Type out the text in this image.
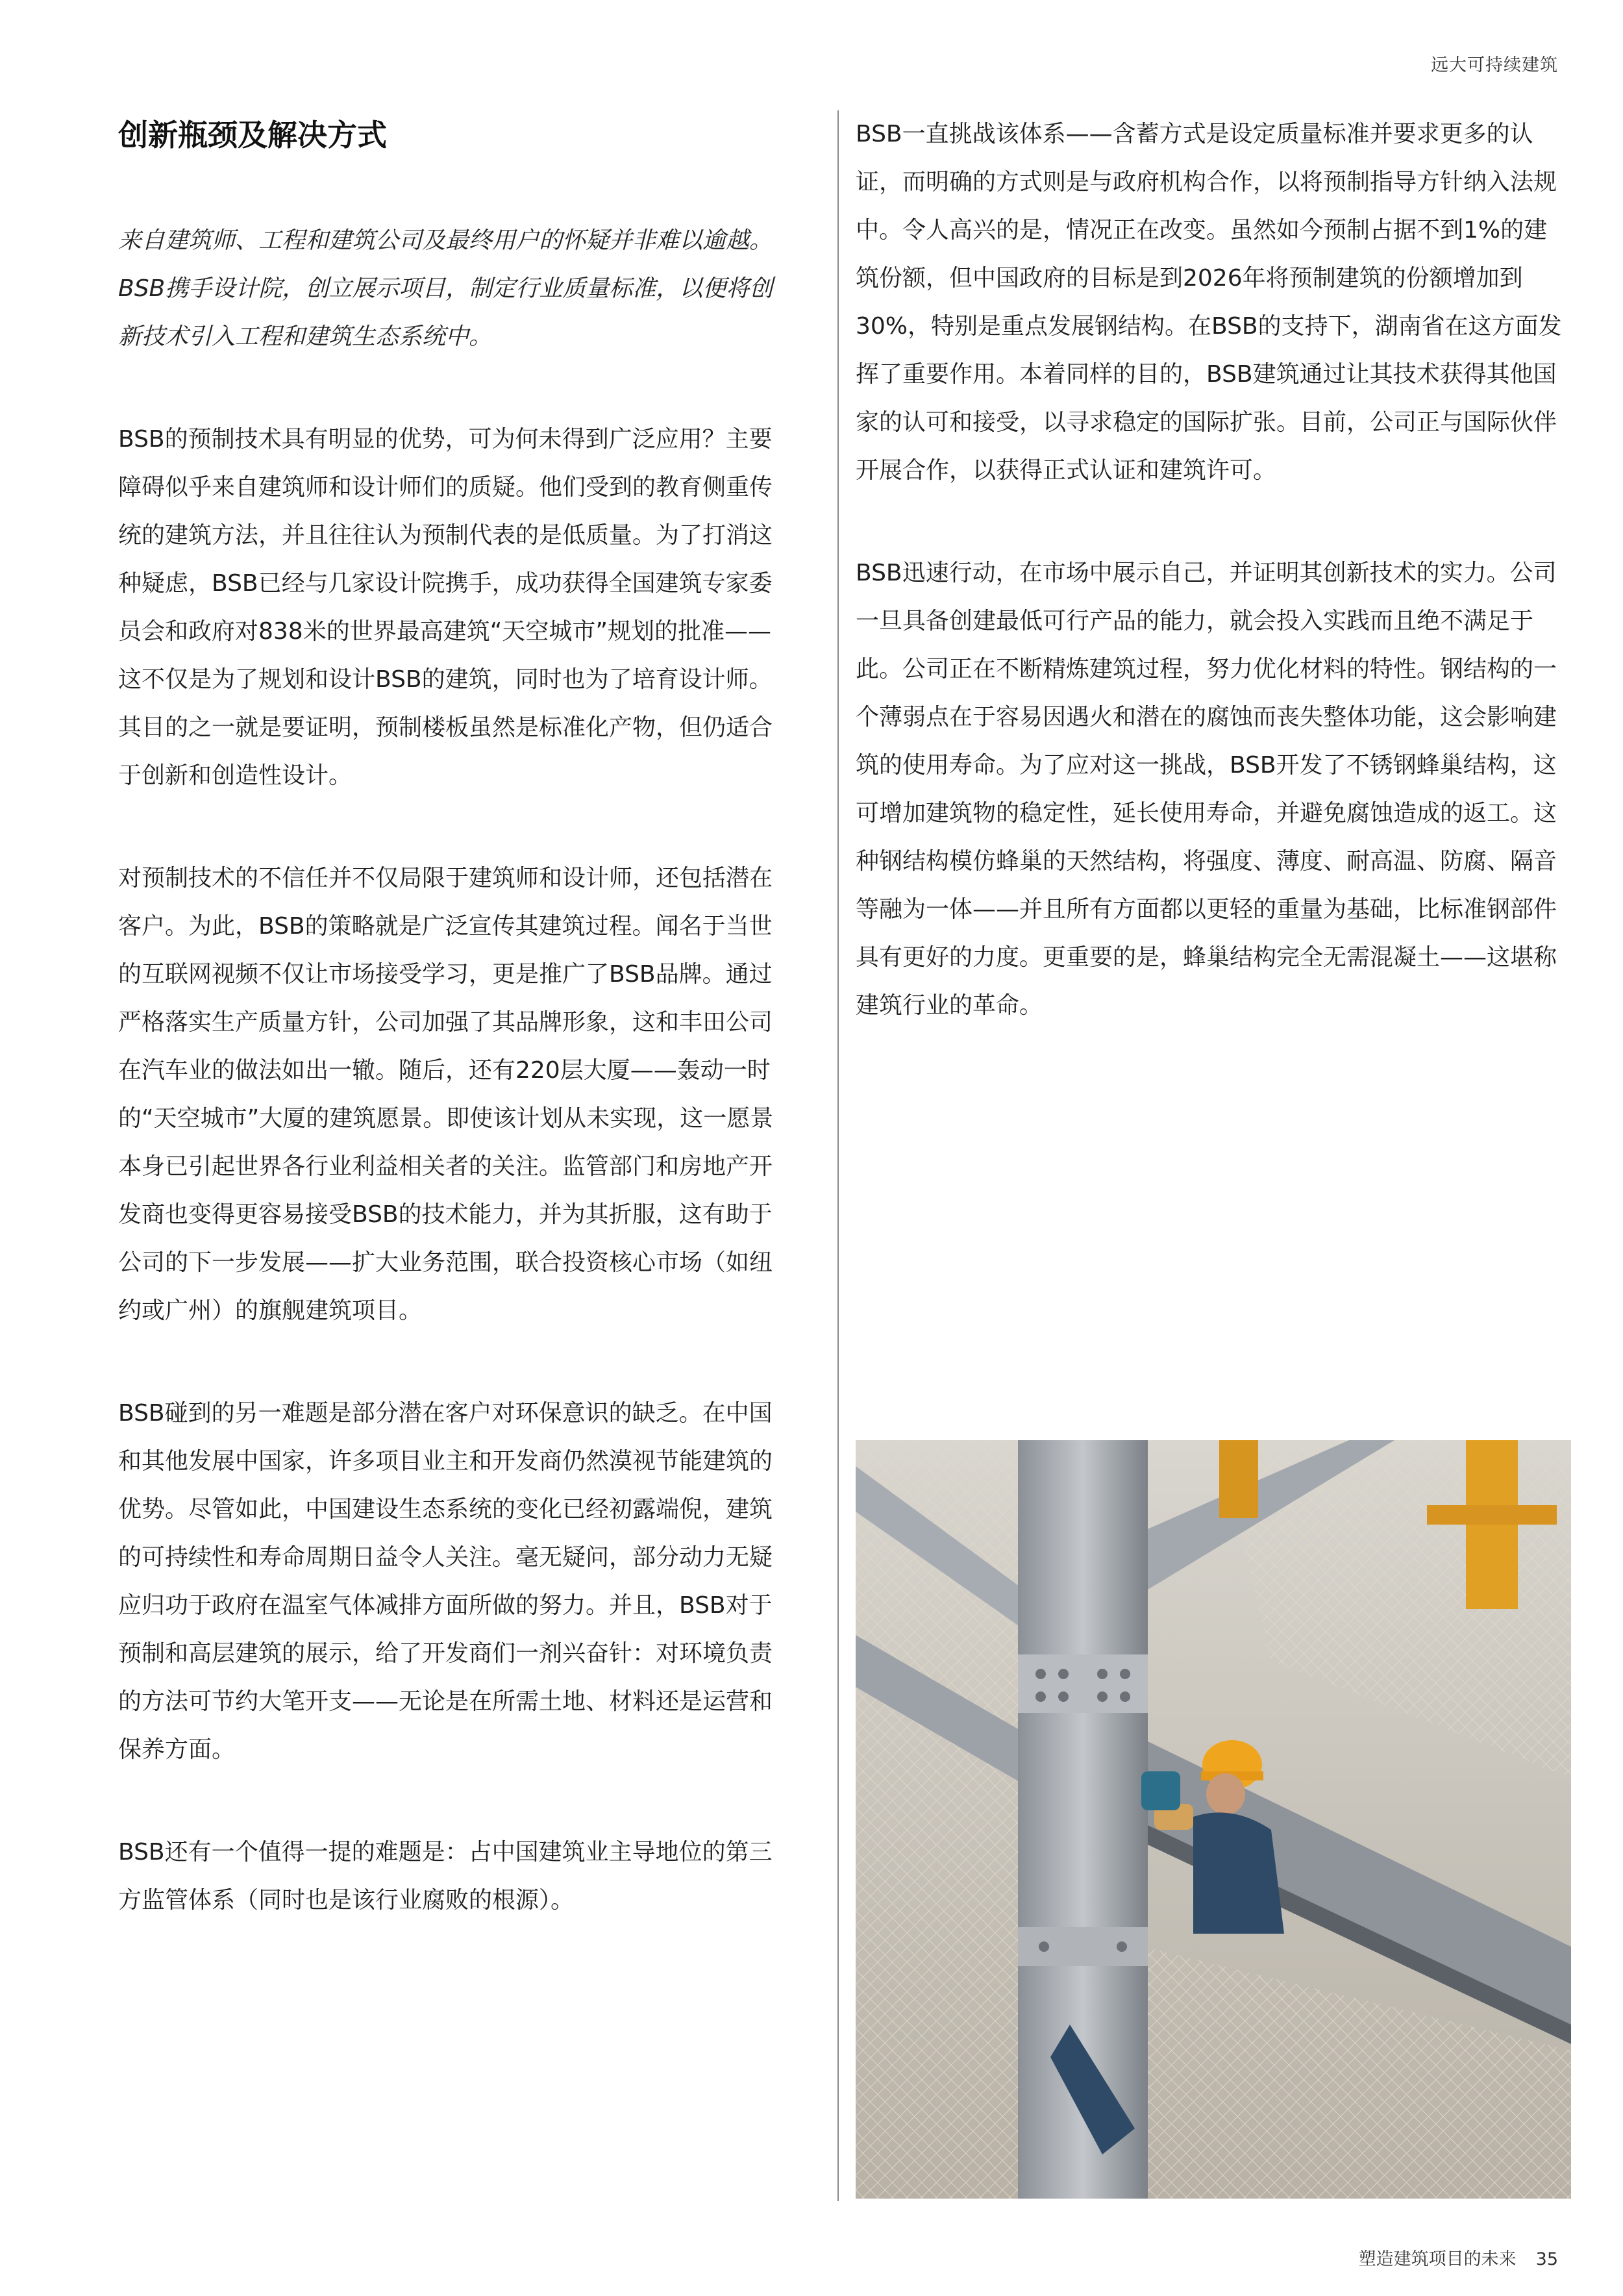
远大可持续建筑
创新瓶颈及解决方式

来自建筑师、工程和建筑公司及最终用户的怀疑并非难以逾越。BSB携手设计院，创立展示项目，制定行业质量标准，以便将创新技术引入工程和建筑生态系统中。

BSB的预制技术具有明显的优势，可为何未得到广泛应用？主要障碍似乎来自建筑师和设计师们的质疑。他们受到的教育侧重传统的建筑方法，并且往往认为预制代表的是低质量。为了打消这种疑虑，BSB已经与几家设计院携手，成功获得全国建筑专家委员会和政府对838米的世界最高建筑“天空城市”规划的批准——这不仅是为了规划和设计BSB的建筑，同时也为了培育设计师。其目的之一就是要证明，预制楼板虽然是标准化产物，但仍适合于创新和创造性设计。

对预制技术的不信任并不仅局限于建筑师和设计师，还包括潜在客户。为此，BSB的策略就是广泛宣传其建筑过程。闻名于当世的互联网视频不仅让市场接受学习，更是推广了BSB品牌。通过严格落实生产质量方针，公司加强了其品牌形象，这和丰田公司在汽车业的做法如出一辙。随后，还有220层大厦——轰动一时的“天空城市”大厦的建筑愿景。即使该计划从未实现，这一愿景本身已引起世界各行业利益相关者的关注。监管部门和房地产开发商也变得更容易接受BSB的技术能力，并为其折服，这有助于公司的下一步发展——扩大业务范围，联合投资核心市场（如纽约或广州）的旗舰建筑项目。

BSB碰到的另一难题是部分潜在客户对环保意识的缺乏。在中国和其他发展中国家，许多项目业主和开发商仍然漠视节能建筑的优势。尽管如此，中国建设生态系统的变化已经初露端倪，建筑的可持续性和寿命周期日益令人关注。毫无疑问，部分动力无疑应归功于政府在温室气体减排方面所做的努力。并且，BSB对于预制和高层建筑的展示，给了开发商们一剂兴奋针：对环境负责的方法可节约大笔开支——无论是在所需土地、材料还是运营和保养方面。

BSB还有一个值得一提的难题是：占中国建筑业主导地位的第三方监管体系（同时也是该行业腐败的根源）。

BSB一直挑战该体系——含蓄方式是设定质量标准并要求更多的认证，而明确的方式则是与政府机构合作，以将预制指导方针纳入法规中。令人高兴的是，情况正在改变。虽然如今预制占据不到1%的建筑份额，但中国政府的目标是到2026年将预制建筑的份额增加到30%，特别是重点发展钢结构。在BSB的支持下，湖南省在这方面发挥了重要作用。本着同样的目的，BSB建筑通过让其技术获得其他国家的认可和接受，以寻求稳定的国际扩张。目前，公司正与国际伙伴开展合作，以获得正式认证和建筑许可。

BSB迅速行动，在市场中展示自己，并证明其创新技术的实力。公司一旦具备创建最低可行产品的能力，就会投入实践而且绝不满足于此。公司正在不断精炼建筑过程，努力优化材料的特性。钢结构的一个薄弱点在于容易因遇火和潜在的腐蚀而丧失整体功能，这会影响建筑的使用寿命。为了应对这一挑战，BSB开发了不锈钢蜂巢结构，这可增加建筑物的稳定性，延长使用寿命，并避免腐蚀造成的返工。这种钢结构模仿蜂巢的天然结构，将强度、薄度、耐高温、防腐、隔音等融为一体——并且所有方面都以更轻的重量为基础，比标准钢部件具有更好的力度。更重要的是，蜂巢结构完全无需混凝土——这堪称建筑行业的革命。

塑造建筑项目的未来 35
